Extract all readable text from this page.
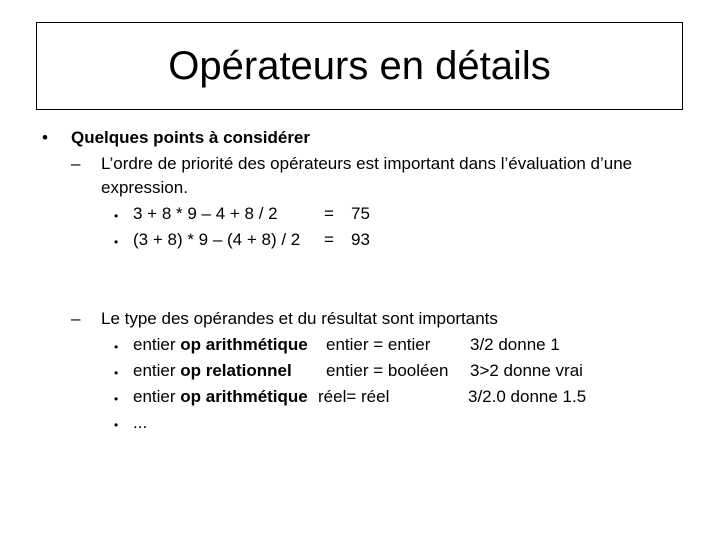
Opérateurs en détails
• Quelques points à considérer
– L’ordre de priorité des opérateurs est important dans l’évaluation d’une
expression.
• 3 + 8 * 9 – 4 + 8 / 2	= 75
• (3 + 8) * 9 – (4 + 8) / 2 = 93
– Le type des opérandes et du résultat sont importants
• entier op arithmétique entier = entier 3/2 donne 1
• entier op relationnel entier = booléen 3>2 donne vrai
• entier op arithmétique réel= réel	3/2.0 donne 1.5
• ...
